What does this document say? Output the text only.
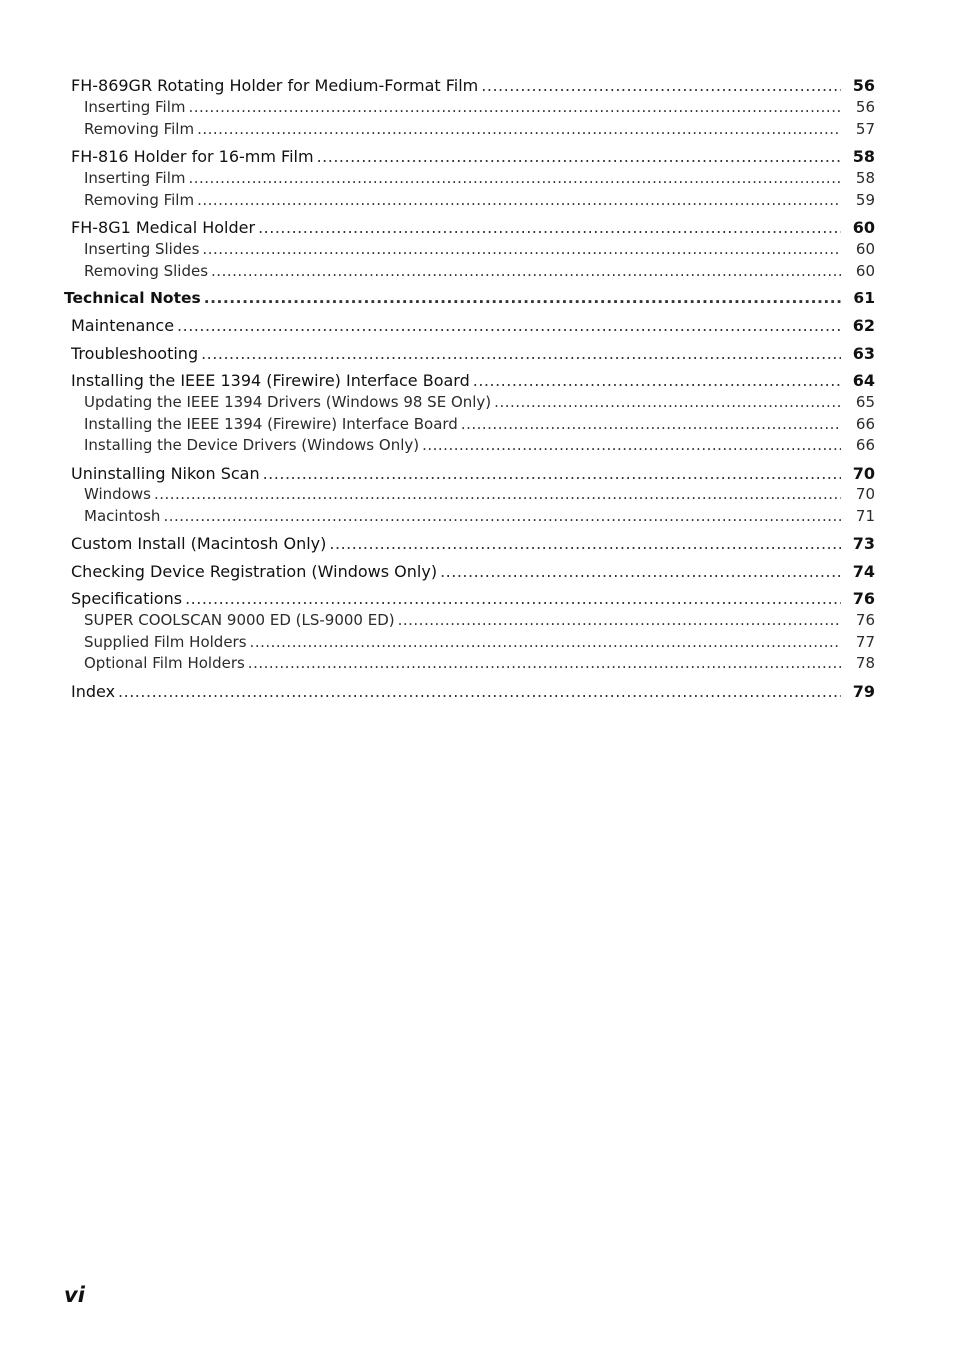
FH-869GR Rotating Holder for Medium-Format Film .....	56
Inserting Film .....	56
Removing Film .....	57
FH-816 Holder for 16-mm Film .....	58
Inserting Film .....	58
Removing Film .....	59
FH-8G1 Medical Holder .....	60
Inserting Slides .....	60
Removing Slides .....	60
Technical Notes .....	61
Maintenance .....	62
Troubleshooting .....	63
Installing the IEEE 1394 (Firewire) Interface Board .....	64
Updating the IEEE 1394 Drivers (Windows 98 SE Only) .....	65
Installing the IEEE 1394 (Firewire) Interface Board .....	66
Installing the Device Drivers (Windows Only) .....	66
Uninstalling Nikon Scan .....	70
Windows .....	70
Macintosh .....	71
Custom Install (Macintosh Only) .....	73
Checking Device Registration (Windows Only) .....	74
Specifications .....	76
SUPER COOLSCAN 9000 ED (LS-9000 ED) .....	76
Supplied Film Holders .....	77
Optional Film Holders .....	78
Index .....	79
vi
